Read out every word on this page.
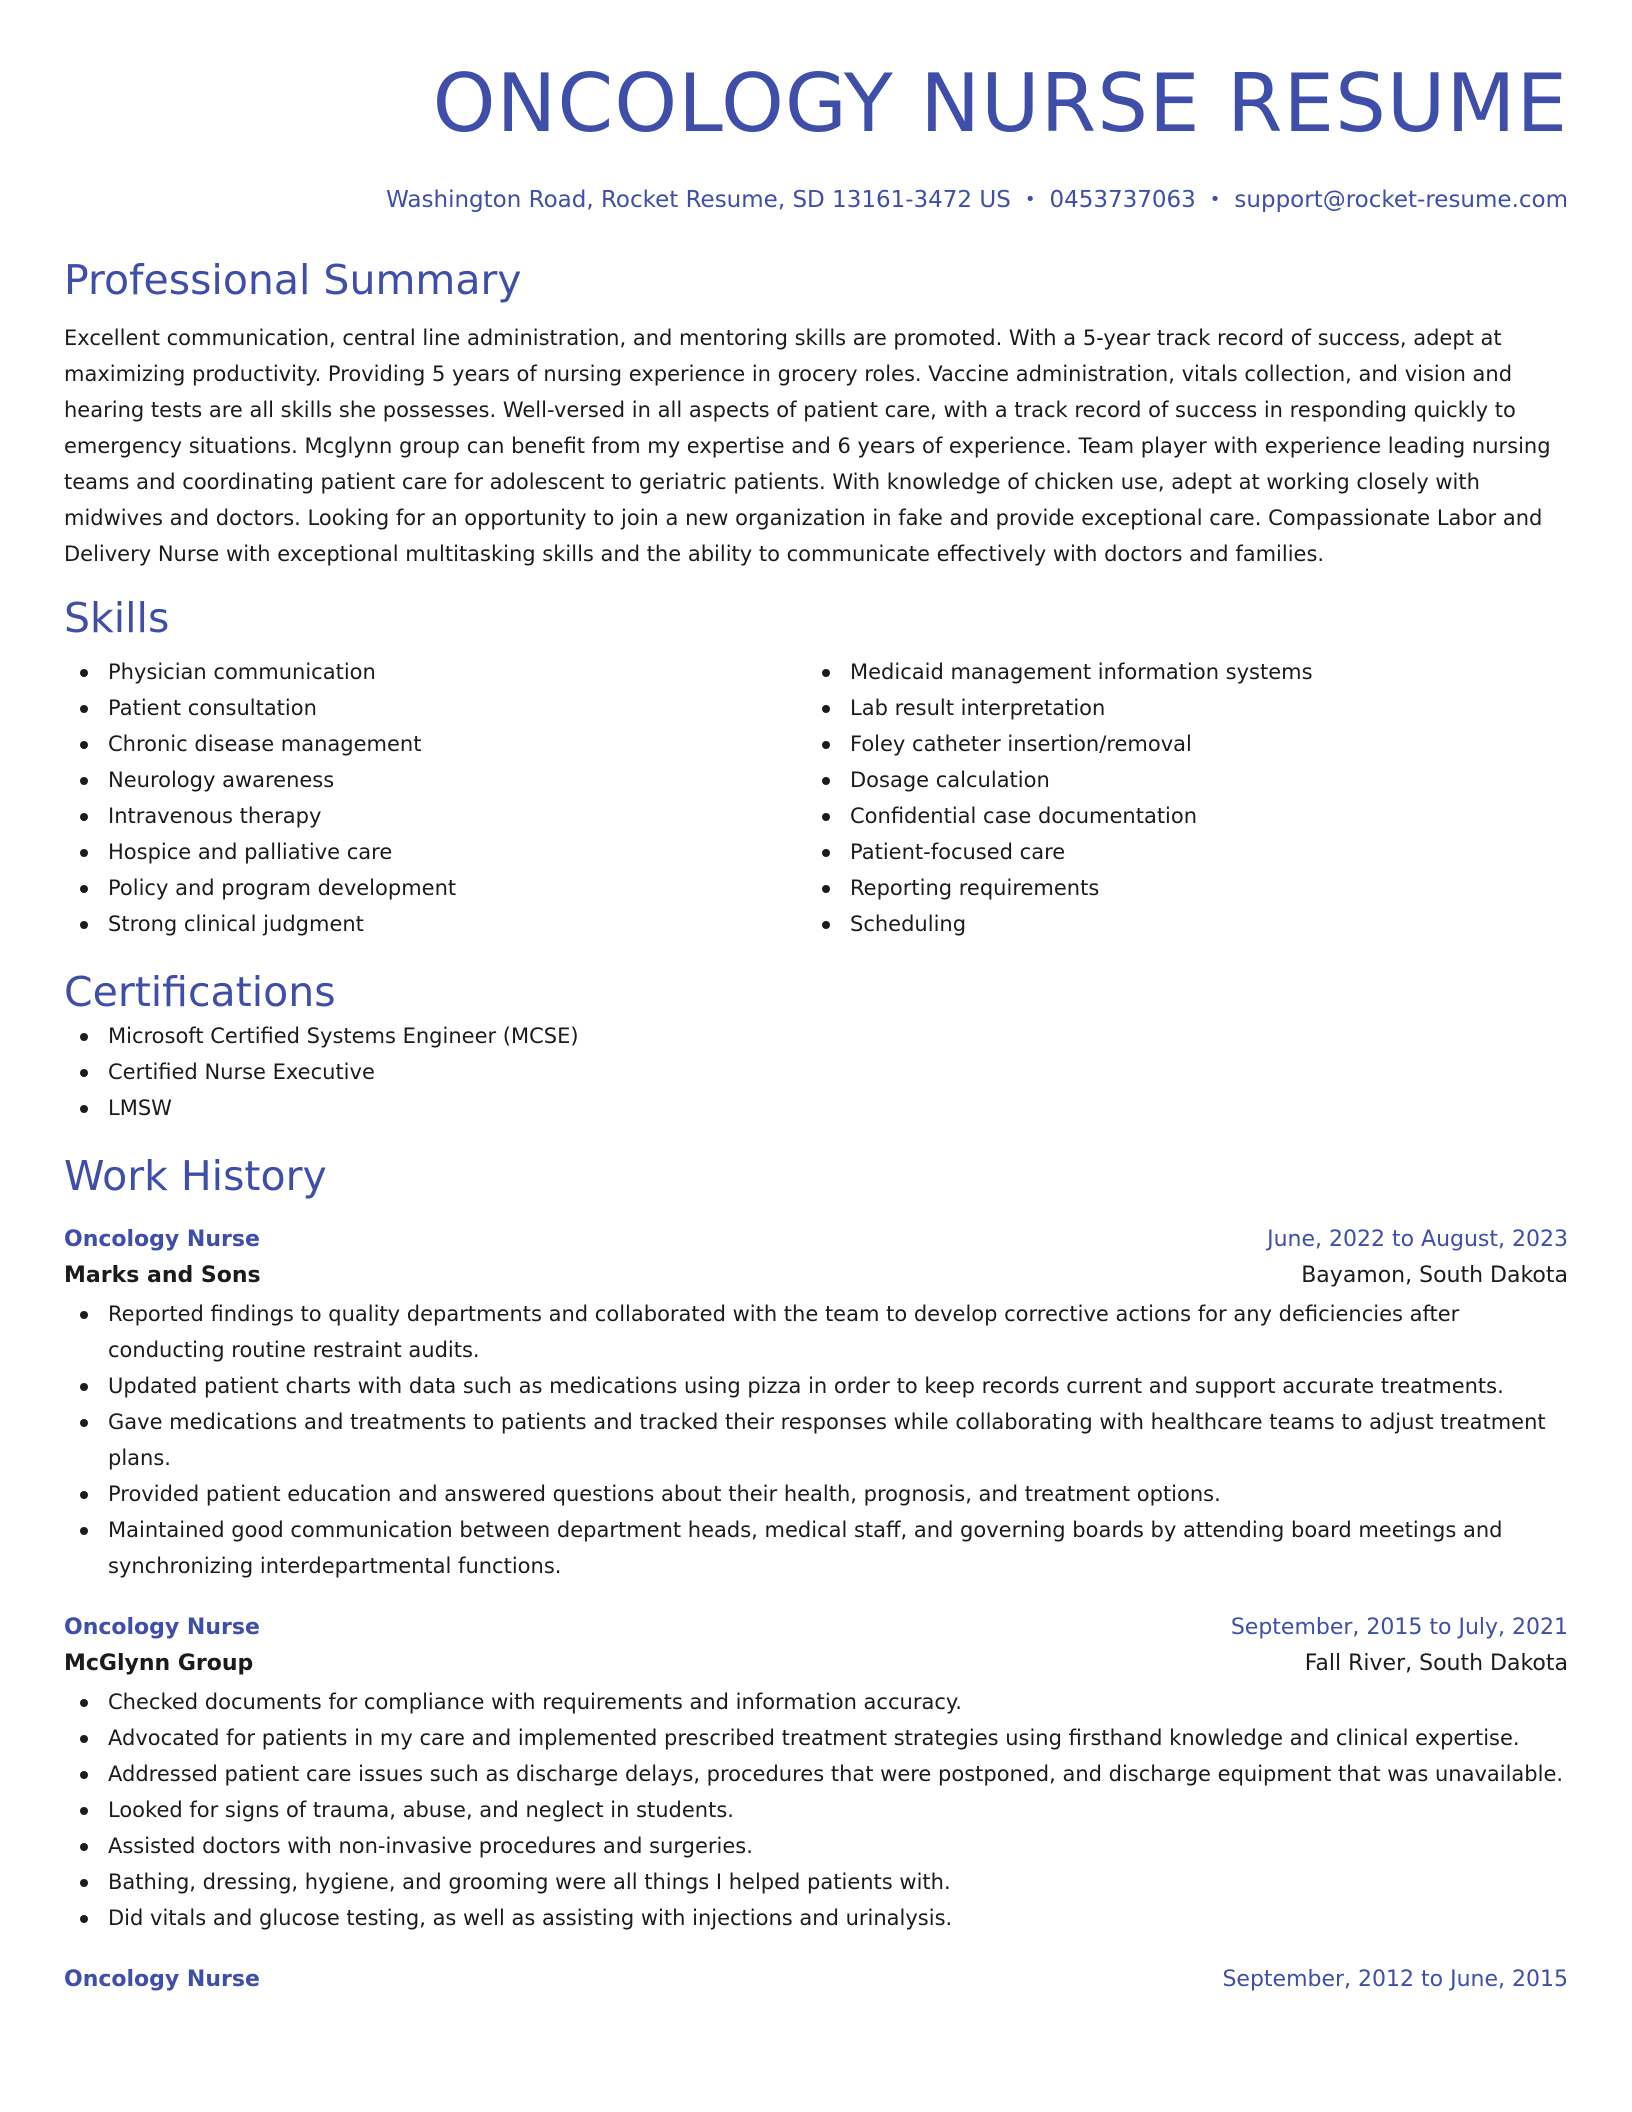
ONCOLOGY NURSE RESUME
Washington Road, Rocket Resume, SD 13161-3472 US • 0453737063 • support@rocket-resume.com
Professional Summary

Excellent communication, central line administration, and mentoring skills are promoted. With a 5-year track record of success, adept at maximizing productivity. Providing 5 years of nursing experience in grocery roles. Vaccine administration, vitals collection, and vision and hearing tests are all skills she possesses. Well-versed in all aspects of patient care, with a track record of success in responding quickly to emergency situations. Mcglynn group can benefit from my expertise and 6 years of experience. Team player with experience leading nursing teams and coordinating patient care for adolescent to geriatric patients. With knowledge of chicken use, adept at working closely with midwives and doctors. Looking for an opportunity to join a new organization in fake and provide exceptional care. Compassionate Labor and Delivery Nurse with exceptional multitasking skills and the ability to communicate effectively with doctors and families.

Skills
Physician communication
Patient consultation
Chronic disease management
Neurology awareness
Intravenous therapy
Hospice and palliative care
Policy and program development
Strong clinical judgment
Medicaid management information systems
Lab result interpretation
Foley catheter insertion/removal
Dosage calculation
Confidential case documentation
Patient-focused care
Reporting requirements
Scheduling
Certifications
Microsoft Certified Systems Engineer (MCSE)
Certified Nurse Executive
LMSW
Work History
Oncology Nurse	June, 2022 to August, 2023
Marks and Sons	Bayamon, South Dakota
Reported findings to quality departments and collaborated with the team to develop corrective actions for any deficiencies after conducting routine restraint audits.
Updated patient charts with data such as medications using pizza in order to keep records current and support accurate treatments.
Gave medications and treatments to patients and tracked their responses while collaborating with healthcare teams to adjust treatment plans.
Provided patient education and answered questions about their health, prognosis, and treatment options.
Maintained good communication between department heads, medical staff, and governing boards by attending board meetings and synchronizing interdepartmental functions.
Oncology Nurse	September, 2015 to July, 2021
McGlynn Group	Fall River, South Dakota
Checked documents for compliance with requirements and information accuracy.
Advocated for patients in my care and implemented prescribed treatment strategies using firsthand knowledge and clinical expertise.
Addressed patient care issues such as discharge delays, procedures that were postponed, and discharge equipment that was unavailable.
Looked for signs of trauma, abuse, and neglect in students.
Assisted doctors with non-invasive procedures and surgeries.
Bathing, dressing, hygiene, and grooming were all things I helped patients with.
Did vitals and glucose testing, as well as assisting with injections and urinalysis.
Oncology Nurse	September, 2012 to June, 2015
